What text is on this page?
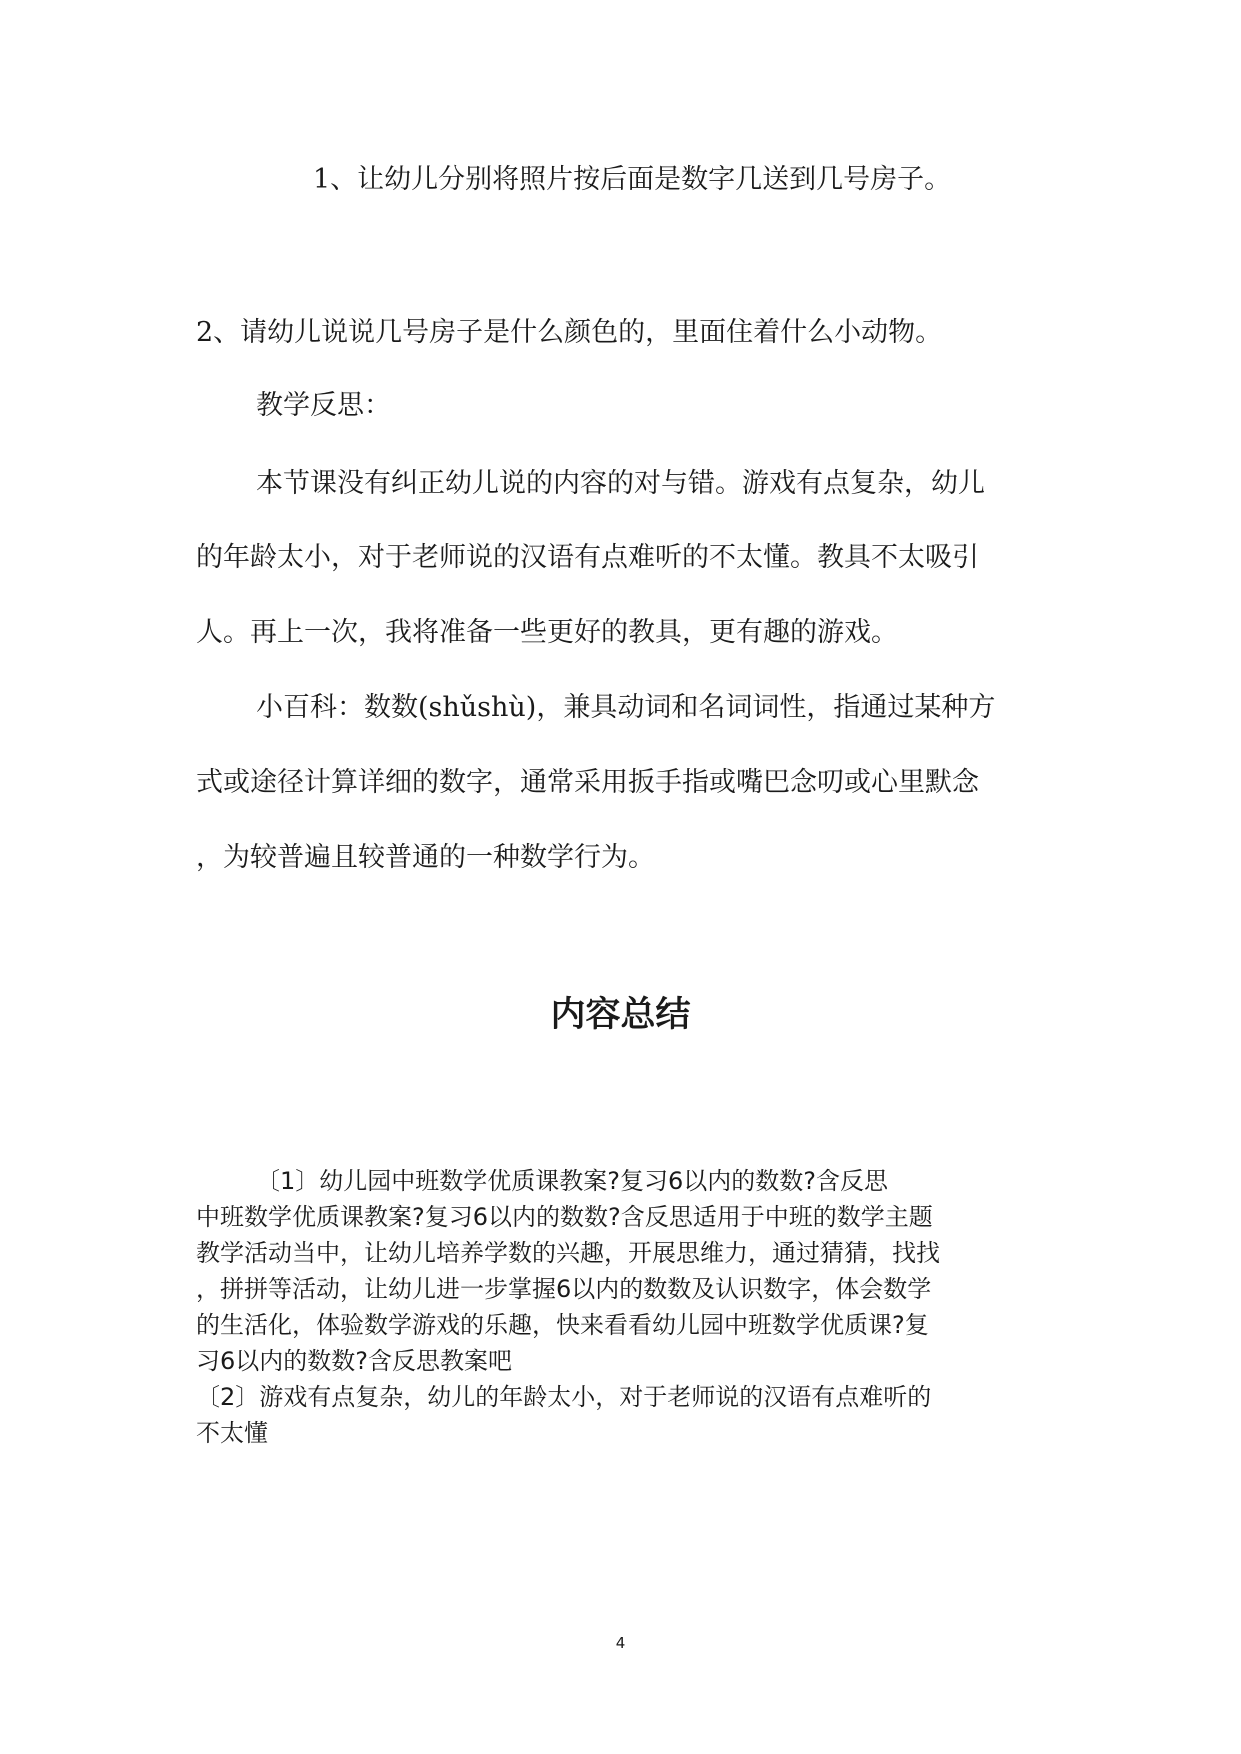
1、让幼儿分别将照片按后面是数字几送到几号房子。

2、请幼儿说说几号房子是什么颜色的，里面住着什么小动物。

教学反思：

本节课没有纠正幼儿说的内容的对与错。游戏有点复杂，幼儿

的年龄太小，对于老师说的汉语有点难听的不太懂。教具不太吸引

人。再上一次，我将准备一些更好的教具，更有趣的游戏。

小百科：数数(shǔshù)，兼具动词和名词词性，指通过某种方

式或途径计算详细的数字，通常采用扳手指或嘴巴念叨或心里默念

，为较普遍且较普通的一种数学行为。

内容总结

〔1〕幼儿园中班数学优质课教案?复习6以内的数数?含反思

中班数学优质课教案?复习6以内的数数?含反思适用于中班的数学主题

教学活动当中，让幼儿培养学数的兴趣，开展思维力，通过猜猜，找找

，拼拼等活动，让幼儿进一步掌握6以内的数数及认识数字，体会数学

的生活化，体验数学游戏的乐趣，快来看看幼儿园中班数学优质课?复

习6以内的数数?含反思教案吧

〔2〕游戏有点复杂，幼儿的年龄太小，对于老师说的汉语有点难听的

不太懂

4
